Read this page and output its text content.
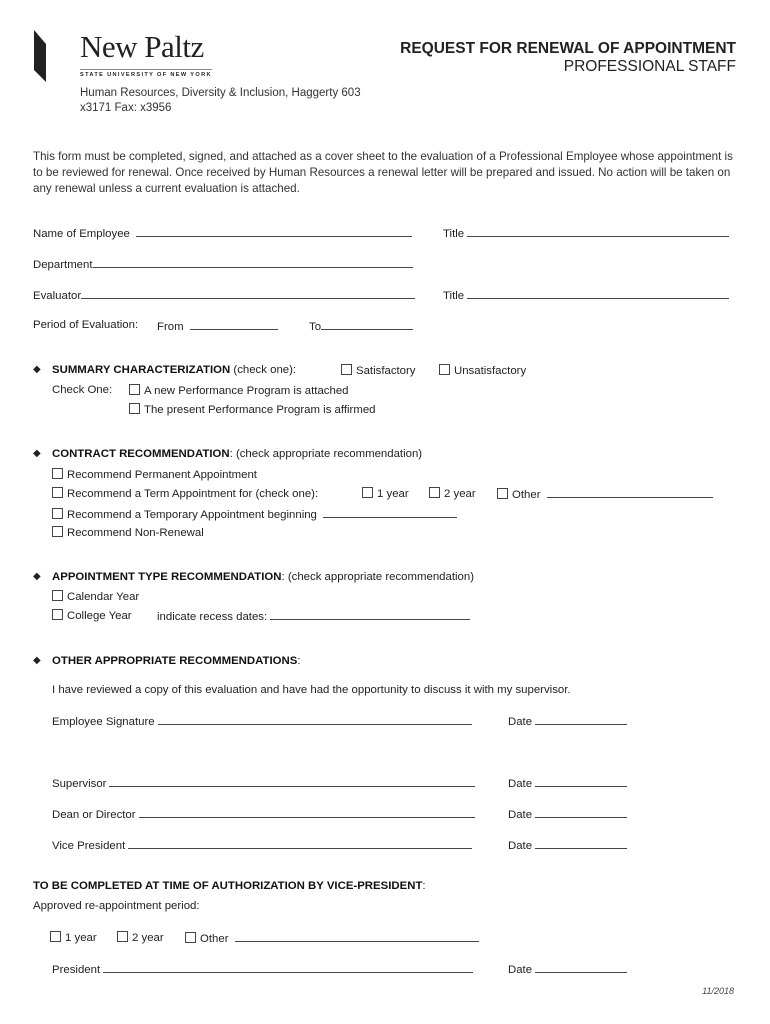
New Paltz
STATE UNIVERSITY OF NEW YORK
REQUEST FOR RENEWAL OF APPOINTMENT
PROFESSIONAL STAFF
Human Resources, Diversity & Inclusion, Haggerty 603
x3171 Fax: x3956
This form must be completed, signed, and attached as a cover sheet to the evaluation of a Professional Employee whose appointment is to be reviewed for renewal. Once received by Human Resources a renewal letter will be prepared and issued. No action will be taken on any renewal unless a current evaluation is attached.
Name of Employee	Title
Department
Evaluator	Title
Period of Evaluation: From	To
◆ SUMMARY CHARACTERIZATION (check one):	Satisfactory	Unsatisfactory
Check One:	A new Performance Program is attached
The present Performance Program is affirmed
◆ CONTRACT RECOMMENDATION: (check appropriate recommendation)
Recommend Permanent Appointment
Recommend a Term Appointment for (check one):	1 year	2 year	Other
Recommend a Temporary Appointment beginning
Recommend Non-Renewal
◆ APPOINTMENT TYPE RECOMMENDATION: (check appropriate recommendation)
Calendar Year
College Year indicate recess dates:
◆ OTHER APPROPRIATE RECOMMENDATIONS:
I have reviewed a copy of this evaluation and have had the opportunity to discuss it with my supervisor.
Employee Signature	Date
Supervisor	Date
Dean or Director	Date
Vice President	Date
TO BE COMPLETED AT TIME OF AUTHORIZATION BY VICE-PRESIDENT:
Approved re-appointment period:
1 year	2 year	Other
President	Date
11/2018
